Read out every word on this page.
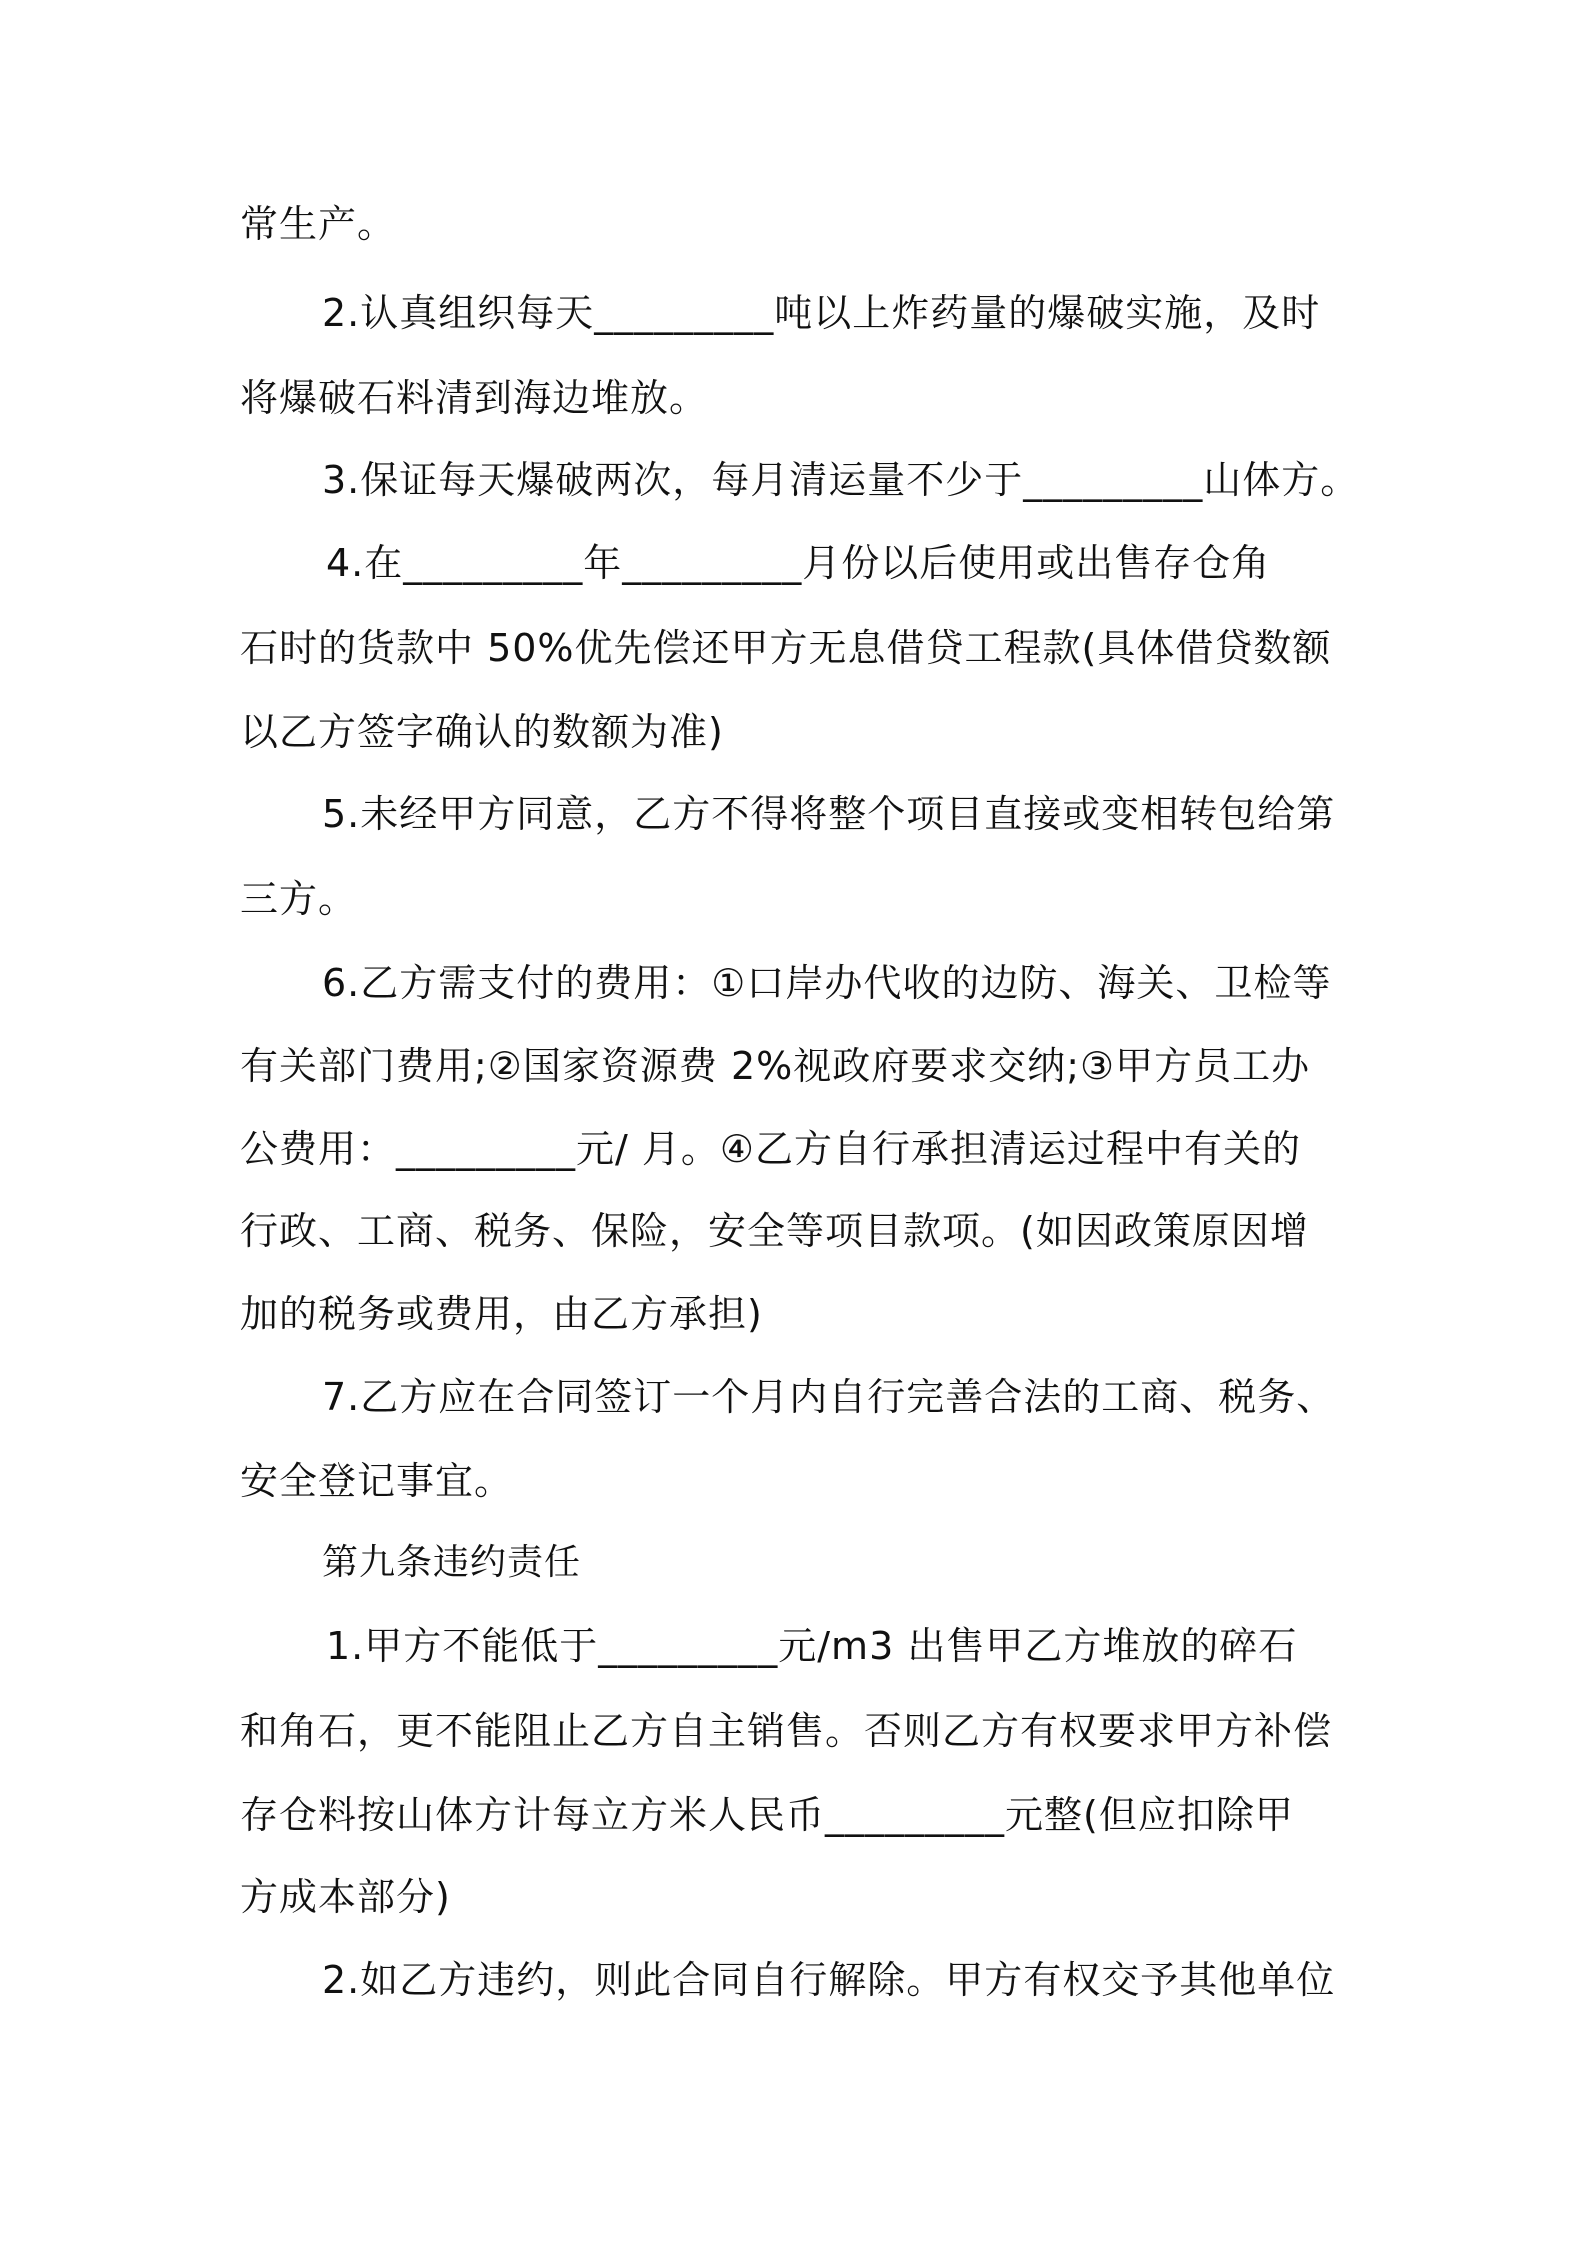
常生产。
2.认真组织每天_________吨以上炸药量的爆破实施，及时
将爆破石料清到海边堆放。
3.保证每天爆破两次，每月清运量不少于_________山体方。
4.在_________年_________月份以后使用或出售存仓角
石时的货款中 50%优先偿还甲方无息借贷工程款(具体借贷数额
以乙方签字确认的数额为准)
5.未经甲方同意，乙方不得将整个项目直接或变相转包给第
三方。
6.乙方需支付的费用：①口岸办代收的边防、海关、卫检等
有关部门费用;②国家资源费 2%视政府要求交纳;③甲方员工办
公费用：_________元/ 月。④乙方自行承担清运过程中有关的
行政、工商、税务、保险，安全等项目款项。(如因政策原因增
加的税务或费用，由乙方承担)
7.乙方应在合同签订一个月内自行完善合法的工商、税务、
安全登记事宜。
第九条违约责任
1.甲方不能低于_________元/m3 出售甲乙方堆放的碎石
和角石，更不能阻止乙方自主销售。否则乙方有权要求甲方补偿
存仓料按山体方计每立方米人民币_________元整(但应扣除甲
方成本部分)
2.如乙方违约，则此合同自行解除。甲方有权交予其他单位
